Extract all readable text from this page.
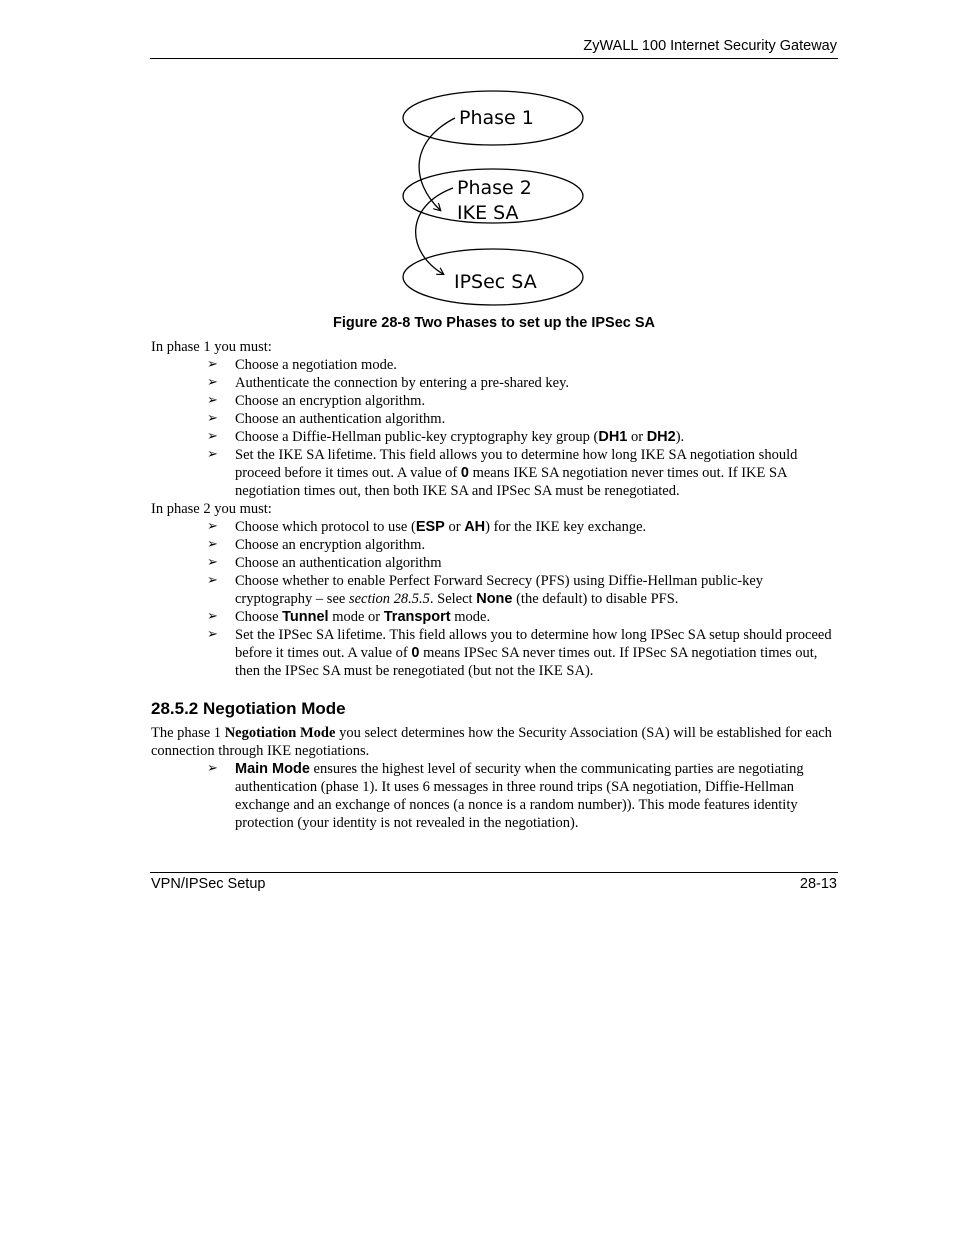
ZyWALL 100 Internet Security Gateway
Phase 1
Phase 2
IKE SA
IPSec SA
Figure 28-8 Two Phases to set up the IPSec SA

In phase 1 you must:

➢ Choose a negotiation mode.
➢ Authenticate the connection by entering a pre-shared key.
➢ Choose an encryption algorithm.
➢ Choose an authentication algorithm.
➢ Choose a Diffie-Hellman public-key cryptography key group (DH1 or DH2).
➢ Set the IKE SA lifetime. This field allows you to determine how long IKE SA negotiation should proceed before it times out. A value of 0 means IKE SA negotiation never times out. If IKE SA negotiation times out, then both IKE SA and IPSec SA must be renegotiated.

In phase 2 you must:

➢ Choose which protocol to use (ESP or AH) for the IKE key exchange.
➢ Choose an encryption algorithm.
➢ Choose an authentication algorithm
➢ Choose whether to enable Perfect Forward Secrecy (PFS) using Diffie-Hellman public-key cryptography – see section 28.5.5. Select None (the default) to disable PFS.
➢ Choose Tunnel mode or Transport mode.
➢ Set the IPSec SA lifetime. This field allows you to determine how long IPSec SA setup should proceed before it times out. A value of 0 means IPSec SA never times out. If IPSec SA negotiation times out, then the IPSec SA must be renegotiated (but not the IKE SA).
28.5.2 Negotiation Mode

The phase 1 Negotiation Mode you select determines how the Security Association (SA) will be established for each connection through IKE negotiations.

➢ Main Mode ensures the highest level of security when the communicating parties are negotiating authentication (phase 1). It uses 6 messages in three round trips (SA negotiation, Diffie-Hellman exchange and an exchange of nonces (a nonce is a random number)). This mode features identity protection (your identity is not revealed in the negotiation).
VPN/IPSec Setup	28-13
